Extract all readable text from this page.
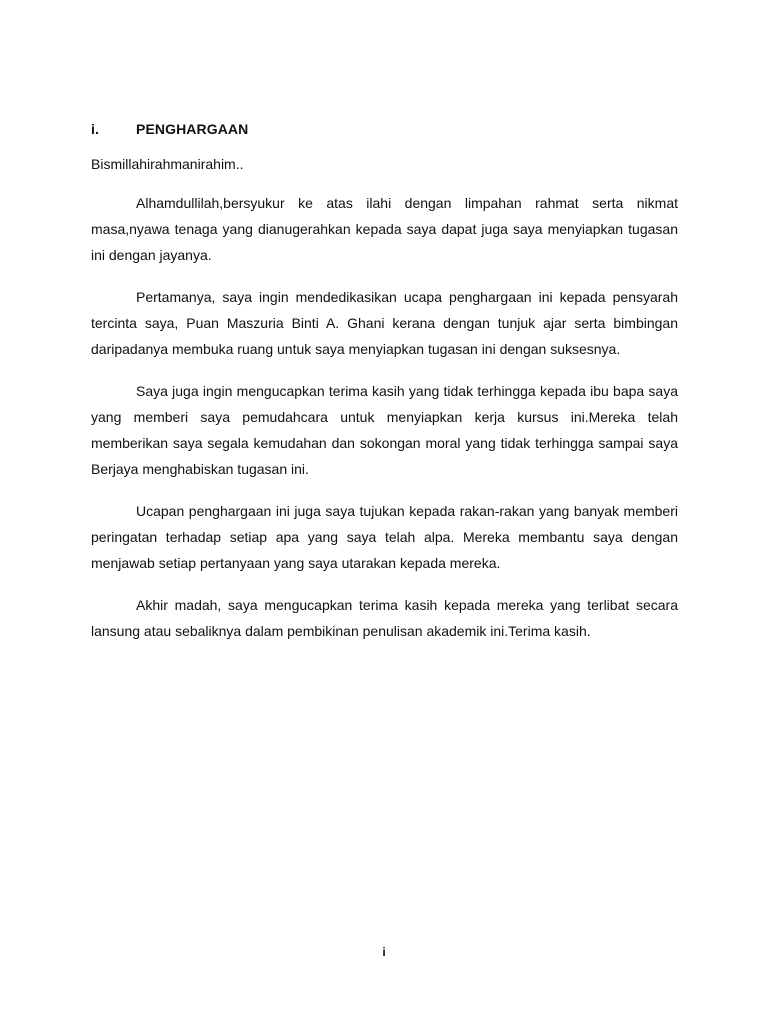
i.	PENGHARGAAN
Bismillahirahmanirahim..

Alhamdullilah,bersyukur ke atas ilahi dengan limpahan rahmat serta nikmat masa,nyawa tenaga yang dianugerahkan kepada saya dapat juga saya menyiapkan tugasan ini dengan jayanya.

Pertamanya, saya ingin mendedikasikan ucapa penghargaan ini kepada pensyarah tercinta saya, Puan Maszuria Binti A. Ghani kerana dengan tunjuk ajar serta bimbingan daripadanya membuka ruang untuk saya menyiapkan tugasan ini dengan suksesnya.

Saya juga ingin mengucapkan terima kasih yang tidak terhingga kepada ibu bapa saya yang memberi saya pemudahcara untuk menyiapkan kerja kursus ini.Mereka telah memberikan saya segala kemudahan dan sokongan moral yang tidak terhingga sampai saya Berjaya menghabiskan tugasan ini.

Ucapan penghargaan ini juga saya tujukan kepada rakan-rakan yang banyak memberi peringatan terhadap setiap apa yang saya telah alpa. Mereka membantu saya dengan menjawab setiap pertanyaan yang saya utarakan kepada mereka.

Akhir madah, saya mengucapkan terima kasih kepada mereka yang terlibat secara lansung atau sebaliknya dalam pembikinan penulisan akademik ini.Terima kasih.

i
